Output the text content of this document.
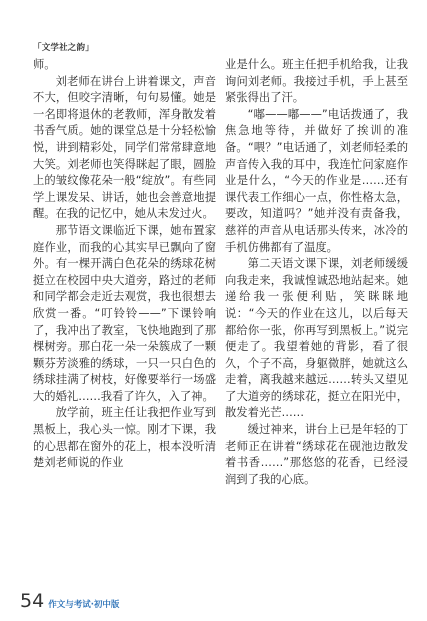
「文学社之韵」

师。

刘老师在讲台上讲着课文，声音不大，但咬字清晰，句句易懂。她是一名即将退休的老教师，浑身散发着书香气质。她的课堂总是十分轻松愉悦，讲到精彩处，同学们常常肆意地大笑。刘老师也笑得眯起了眼，圆脸上的皱纹像花朵一般“绽放”。有些同学上课发呆、讲话，她也会善意地提醒。在我的记忆中，她从未发过火。

那节语文课临近下课，她布置家庭作业，而我的心其实早已飘向了窗外。有一棵开满白色花朵的绣球花树挺立在校园中央大道旁，路过的老师和同学都会走近去观赏，我也很想去欣赏一番。“叮铃铃——”下课铃响了，我冲出了教室，飞快地跑到了那棵树旁。那白花一朵一朵簇成了一颗颗芬芳淡雅的绣球，一只一只白色的绣球挂满了树枝，好像要举行一场盛大的婚礼……我看了许久，入了神。

放学前，班主任让我把作业写到黑板上，我心头一惊。刚才下课，我的心思都在窗外的花上，根本没听清楚刘老师说的作业

业是什么。班主任把手机给我，让我询问刘老师。我接过手机，手上甚至紧张得出了汗。

“嘟——嘟——”电话拨通了，我焦急地等待，并做好了挨训的准备。“喂？”电话通了，刘老师轻柔的声音传入我的耳中，我连忙问家庭作业是什么，“今天的作业是……还有课代表工作细心一点，你性格太急，要改，知道吗？”她并没有责备我，慈祥的声音从电话那头传来，冰冷的手机仿佛都有了温度。

第二天语文课下课，刘老师缓缓向我走来，我诚惶诚恐地站起来。她递给我一张便利贴，笑眯眯地说：“今天的作业在这儿，以后每天都给你一张，你再写到黑板上。”说完便走了。我望着她的背影，看了很久，个子不高，身躯微胖，她就这么走着，离我越来越远……转头又望见了大道旁的绣球花，挺立在阳光中，散发着光芒……

缓过神来，讲台上已是年轻的丁老师正在讲着“绣球花在砚池边散发着书香……”那悠悠的花香，已经浸润到了我的心底。

54 作文与考试·初中版
